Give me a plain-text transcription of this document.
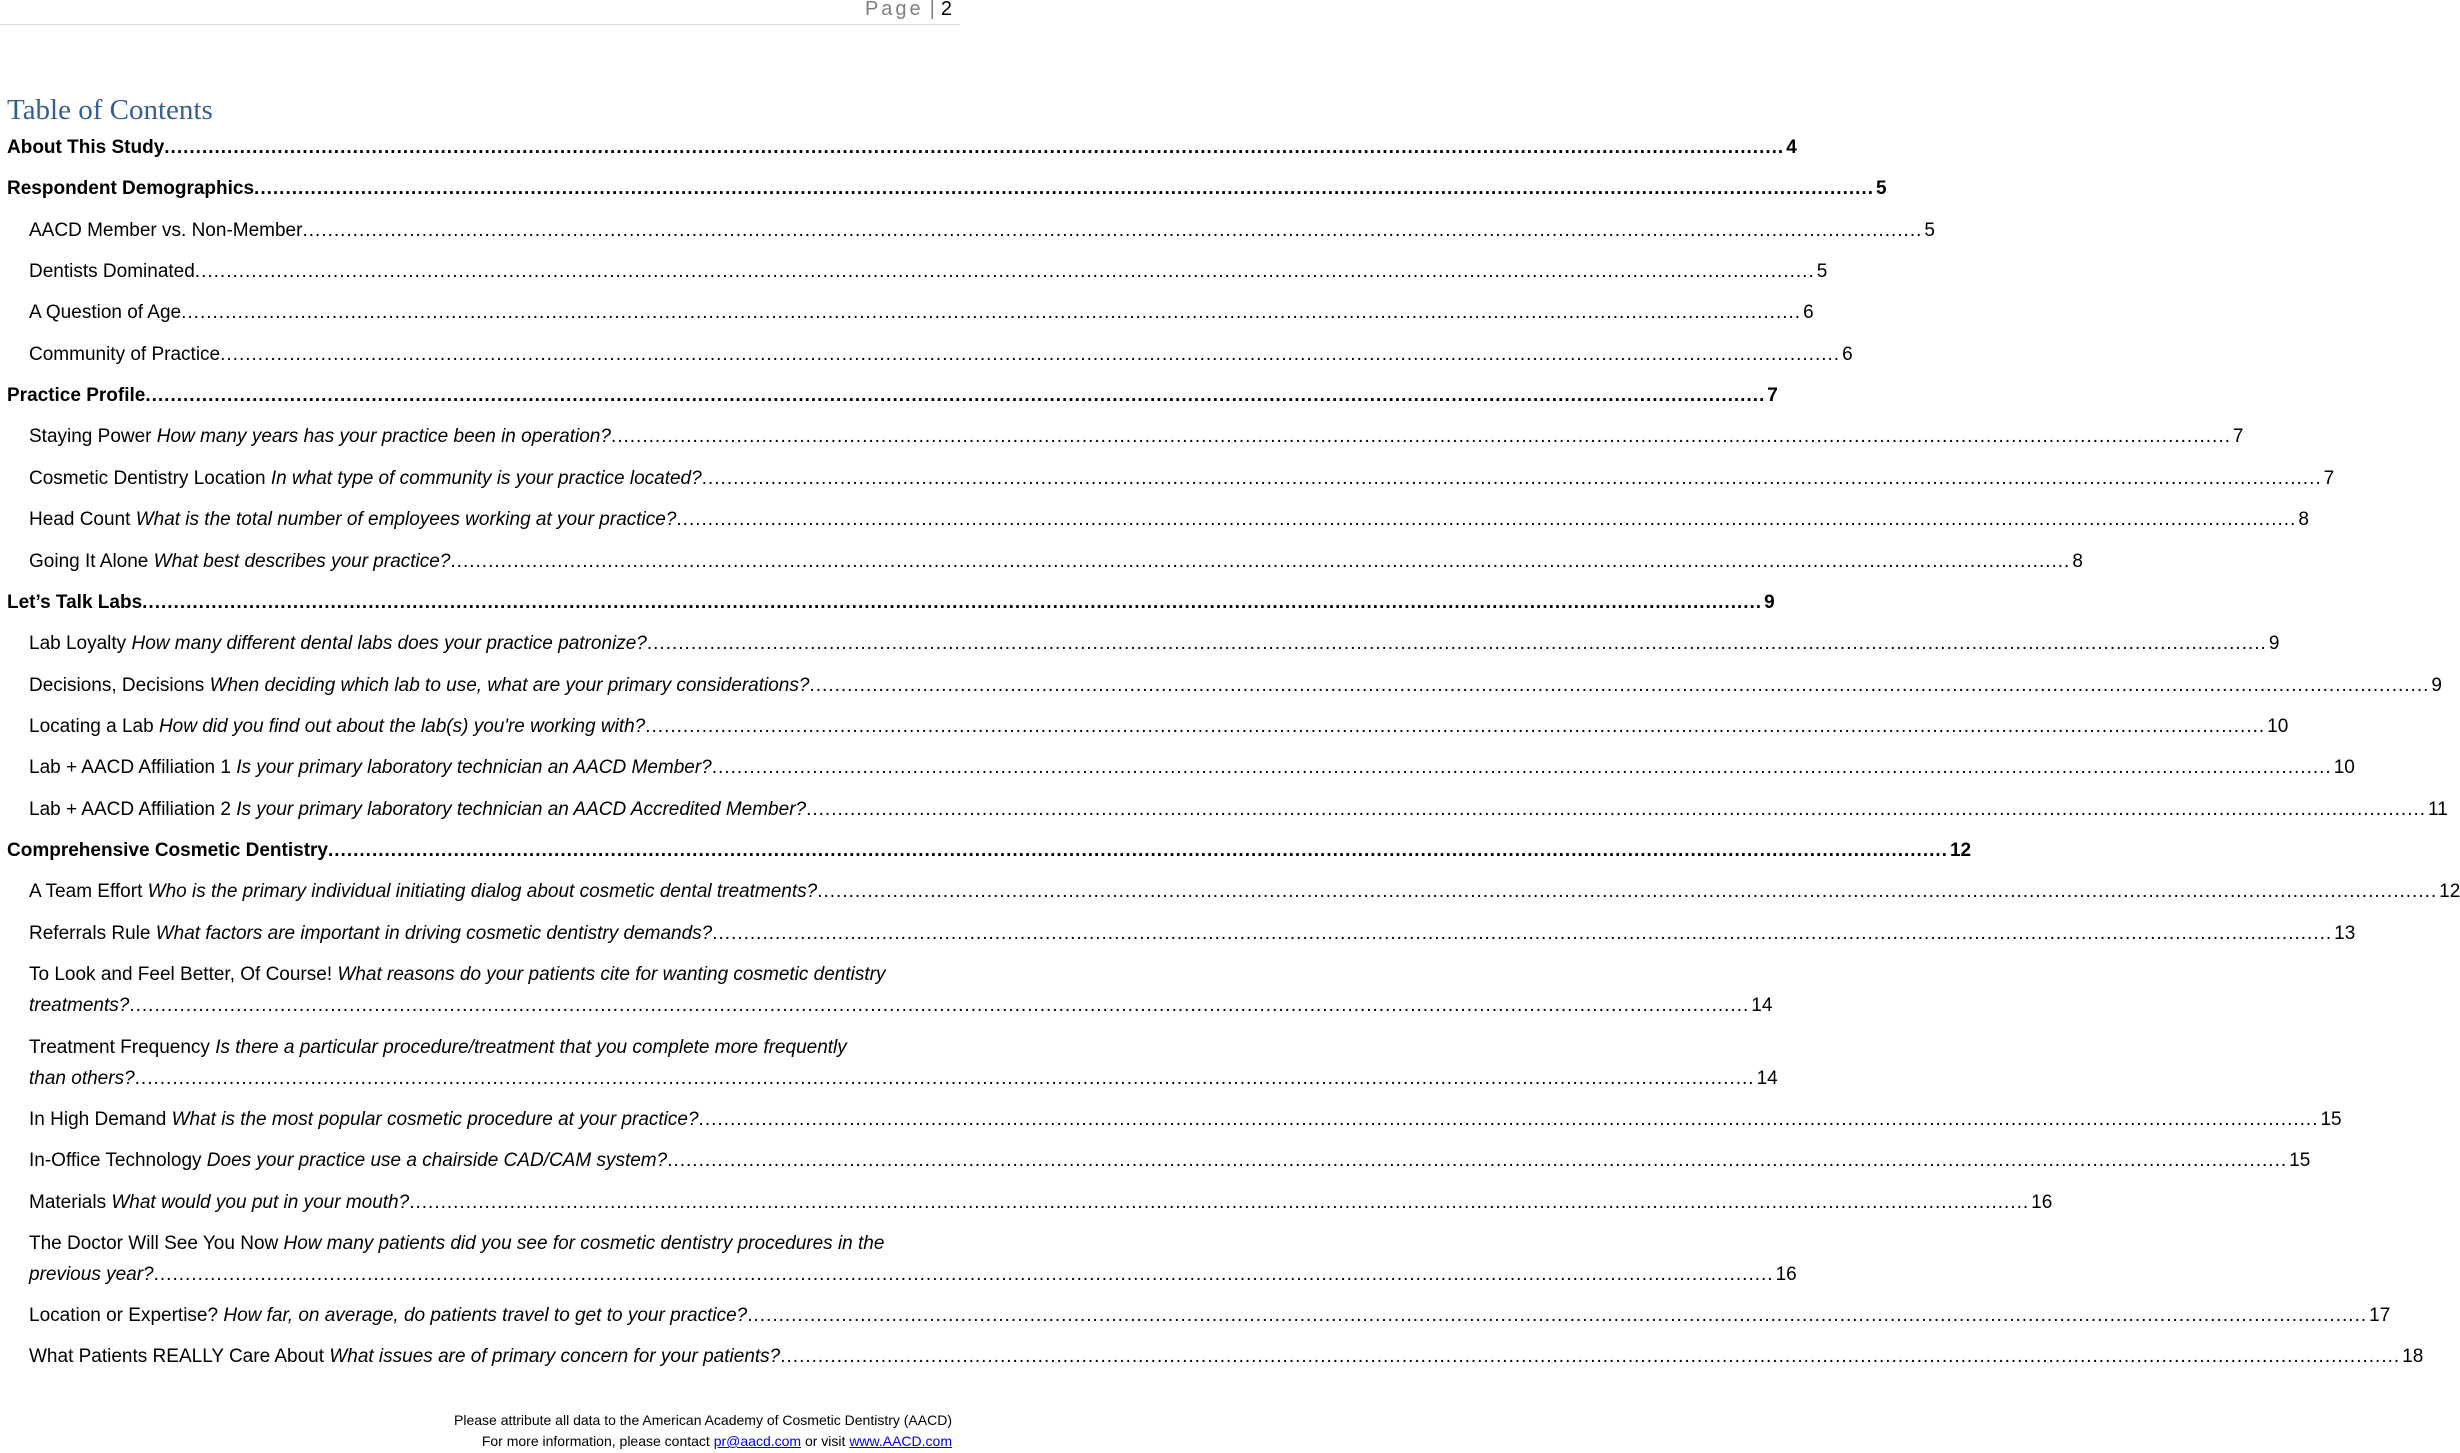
Page | 2
Table of Contents
About This Study .....	4
Respondent Demographics .....	5
AACD Member vs. Non-Member .....	5
Dentists Dominated .....	5
A Question of Age .....	6
Community of Practice .....	6
Practice Profile .....	7
Staying Power How many years has your practice been in operation? .....	7
Cosmetic Dentistry Location In what type of community is your practice located? .....	7
Head Count What is the total number of employees working at your practice? .....	8
Going It Alone What best describes your practice? .....	8
Let’s Talk Labs .....	9
Lab Loyalty How many different dental labs does your practice patronize? .....	9
Decisions, Decisions When deciding which lab to use, what are your primary considerations? .....	9
Locating a Lab How did you find out about the lab(s) you're working with? .....	10
Lab + AACD Affiliation 1 Is your primary laboratory technician an AACD Member? .....	10
Lab + AACD Affiliation 2 Is your primary laboratory technician an AACD Accredited Member? .....	11
Comprehensive Cosmetic Dentistry .....	12
A Team Effort Who is the primary individual initiating dialog about cosmetic dental treatments? .....	12
Referrals Rule What factors are important in driving cosmetic dentistry demands? .....	13
To Look and Feel Better, Of Course! What reasons do your patients cite for wanting cosmetic dentistry
treatments? .....	14
Treatment Frequency Is there a particular procedure/treatment that you complete more frequently
than others? .....	14
In High Demand What is the most popular cosmetic procedure at your practice? .....	15
In-Office Technology Does your practice use a chairside CAD/CAM system? .....	15
Materials What would you put in your mouth? .....	16
The Doctor Will See You Now How many patients did you see for cosmetic dentistry procedures in the
previous year? .....	16
Location or Expertise? How far, on average, do patients travel to get to your practice? .....	17
What Patients REALLY Care About What issues are of primary concern for your patients? .....	18
Please attribute all data to the American Academy of Cosmetic Dentistry (AACD)
For more information, please contact pr@aacd.com or visit www.AACD.com
